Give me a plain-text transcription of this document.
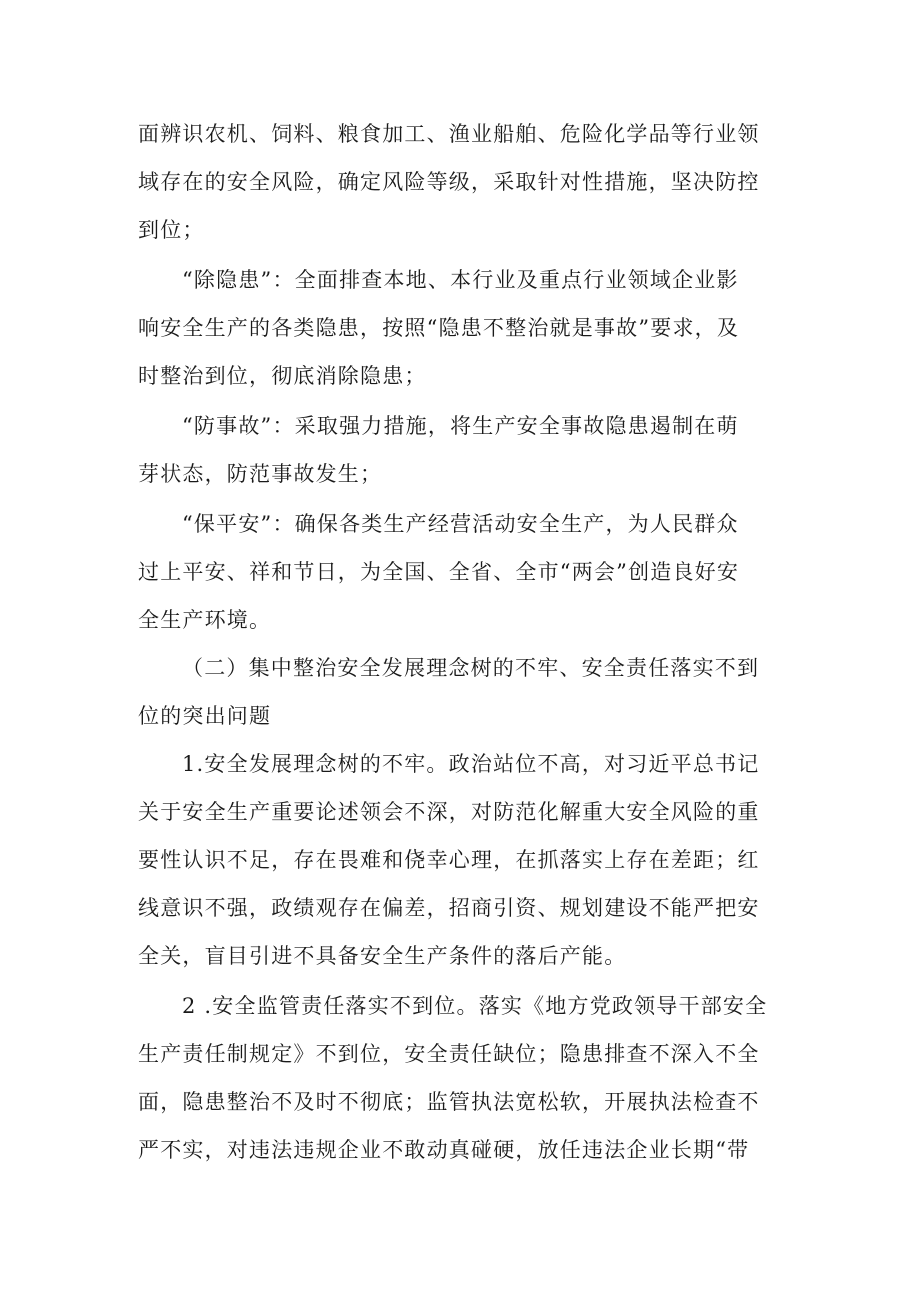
面辨识农机、饲料、粮食加工、渔业船舶、危险化学品等行业领
域存在的安全风险，确定风险等级，采取针对性措施，坚决防控
到位；
“除隐患”：全面排查本地、本行业及重点行业领域企业影
响安全生产的各类隐患，按照“隐患不整治就是事故”要求，及
时整治到位，彻底消除隐患；
“防事故”：采取强力措施，将生产安全事故隐患遏制在萌
芽状态，防范事故发生；
“保平安”：确保各类生产经营活动安全生产，为人民群众
过上平安、祥和节日，为全国、全省、全市“两会”创造良好安
全生产环境。
（二）集中整治安全发展理念树的不牢、安全责任落实不到
位的突出问题
1.安全发展理念树的不牢。政治站位不高，对习近平总书记
关于安全生产重要论述领会不深，对防范化解重大安全风险的重
要性认识不足，存在畏难和侥幸心理，在抓落实上存在差距；红
线意识不强，政绩观存在偏差，招商引资、规划建设不能严把安
全关，盲目引进不具备安全生产条件的落后产能。
2 .安全监管责任落实不到位。落实《地方党政领导干部安全
生产责任制规定》不到位，安全责任缺位；隐患排查不深入不全
面，隐患整治不及时不彻底；监管执法宽松软，开展执法检查不
严不实，对违法违规企业不敢动真碰硬，放任违法企业长期“带
